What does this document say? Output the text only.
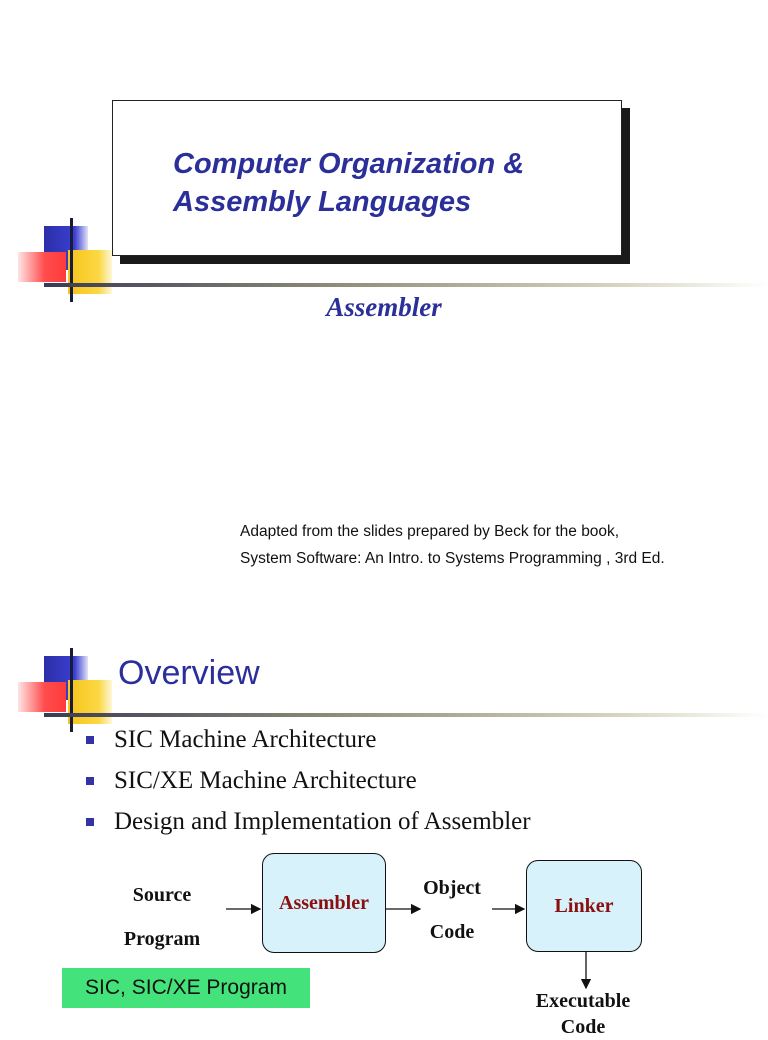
Computer Organization &
Assembly Languages
Assembler
Adapted from the slides prepared by Beck for the book,
System Software: An Intro. to Systems Programming , 3rd Ed.
Overview
SIC Machine Architecture
SIC/XE Machine Architecture
Design and Implementation of Assembler
Source
Program
Assembler
Object
Code
Linker
Executable
Code
SIC, SIC/XE Program
